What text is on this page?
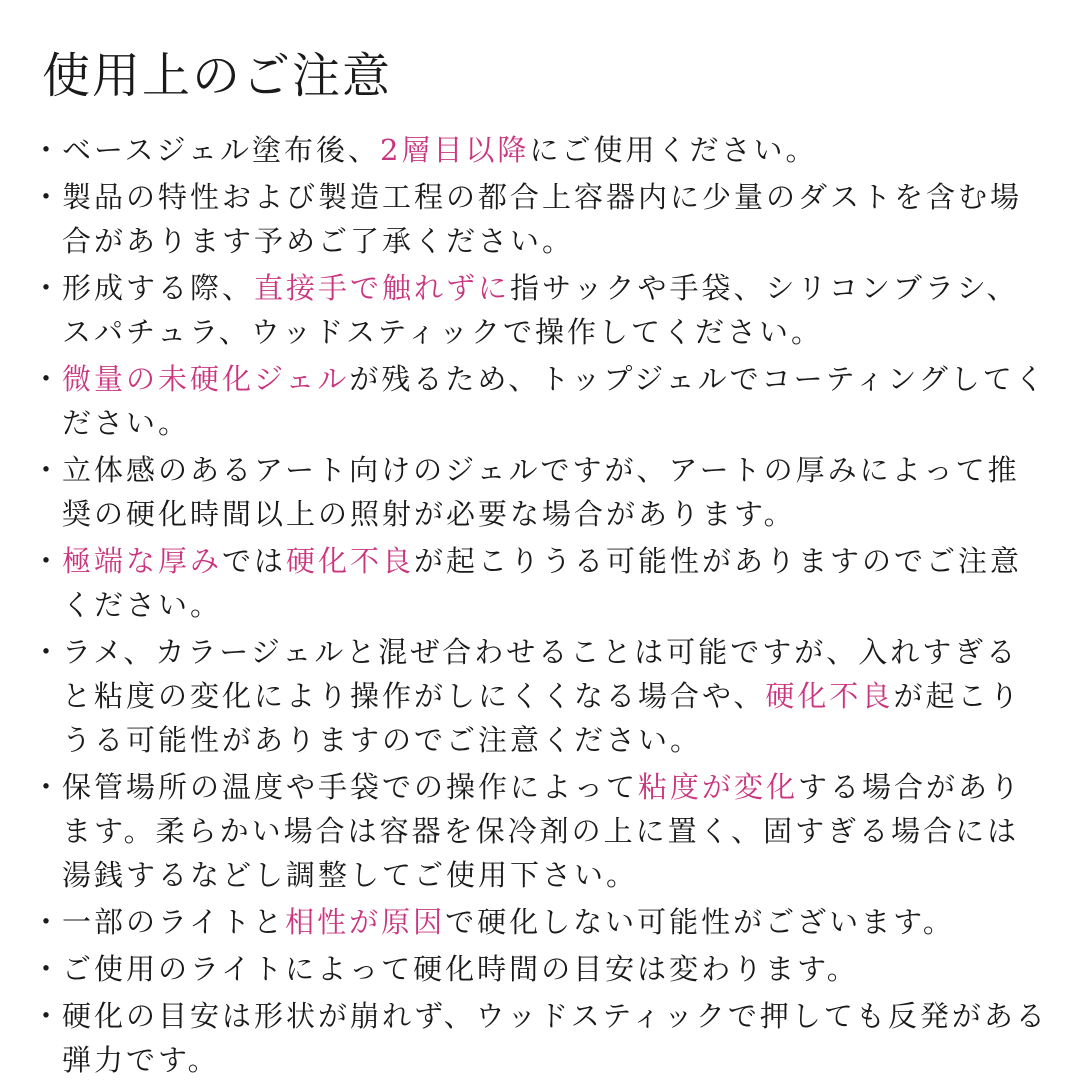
使用上のご注意
・ ベースジェル塗布後、2層目以降にご使用ください。
・ 製品の特性および製造工程の都合上容器内に少量のダストを含む場合があります予めご了承ください。
・ 形成する際、直接手で触れずに指サックや手袋、シリコンブラシ、スパチュラ、ウッドスティックで操作してください。
・ 微量の未硬化ジェルが残るため、トップジェルでコーティングしてください。
・ 立体感のあるアート向けのジェルですが、アートの厚みによって推奨の硬化時間以上の照射が必要な場合があります。
・ 極端な厚みでは硬化不良が起こりうる可能性がありますのでご注意ください。
・ ラメ、カラージェルと混ぜ合わせることは可能ですが、入れすぎると粘度の変化により操作がしにくくなる場合や、硬化不良が起こりうる可能性がありますのでご注意ください。
・ 保管場所の温度や手袋での操作によって粘度が変化する場合があります。柔らかい場合は容器を保冷剤の上に置く、固すぎる場合には湯銭するなどし調整してご使用下さい。
・ 一部のライトと相性が原因で硬化しない可能性がございます。
・ ご使用のライトによって硬化時間の目安は変わります。
・ 硬化の目安は形状が崩れず、ウッドスティックで押しても反発がある弾力です。
